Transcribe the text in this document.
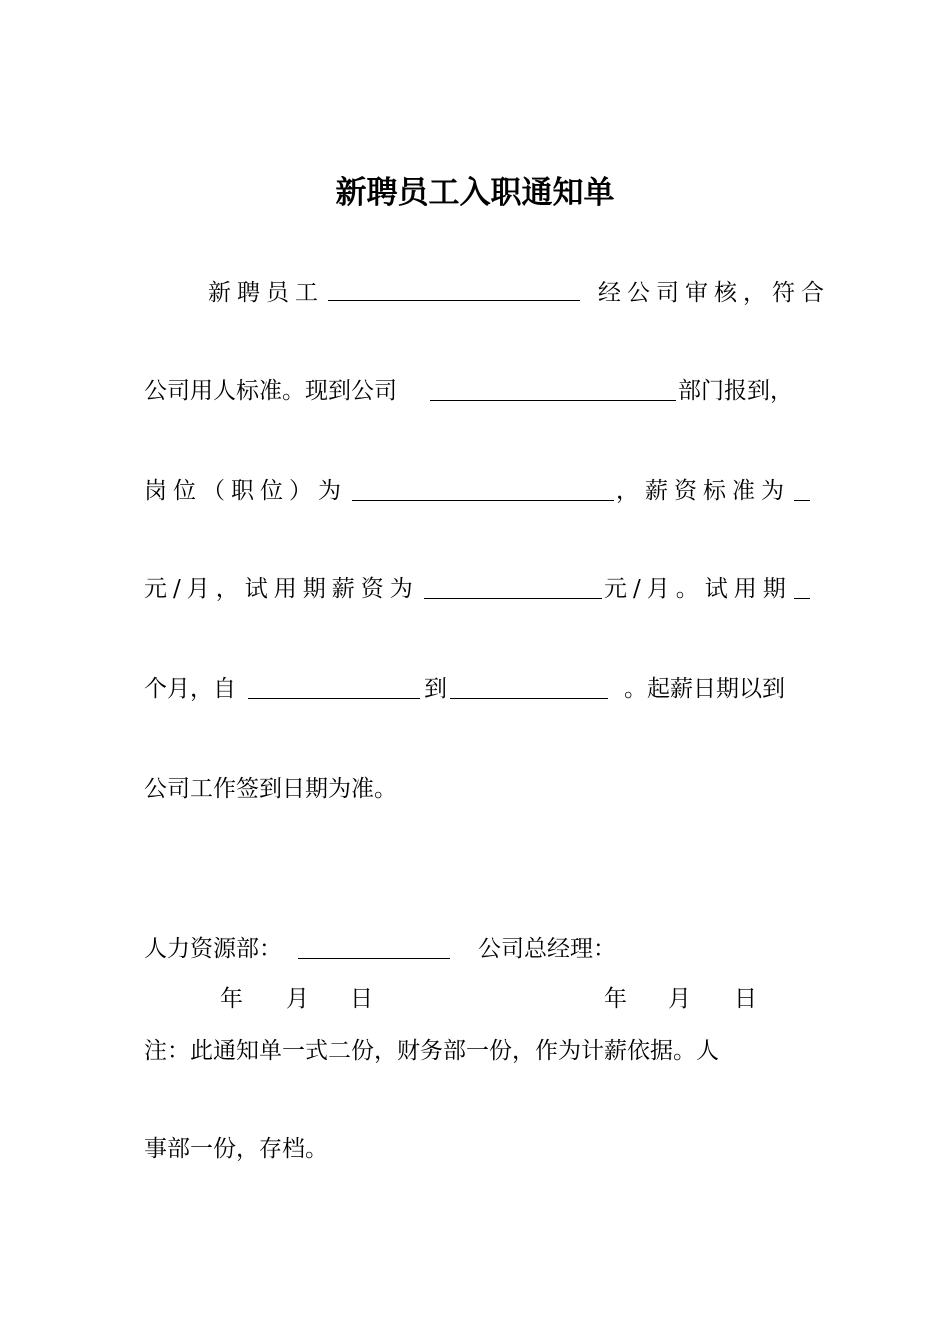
新聘员工入职通知单
新聘员工	经公司审核，符合
公司用人标准。现到公司	部门报到，
岗位（职位）为	，薪资标准为
元/月，试用期薪资为	元/月。试用期
个月，自	到	。起薪日期以到
公司工作签到日期为准。
人力资源部：	公司总经理：
年 月 日	年 月 日
注：此通知单一式二份，财务部一份，作为计薪依据。人
事部一份，存档。
